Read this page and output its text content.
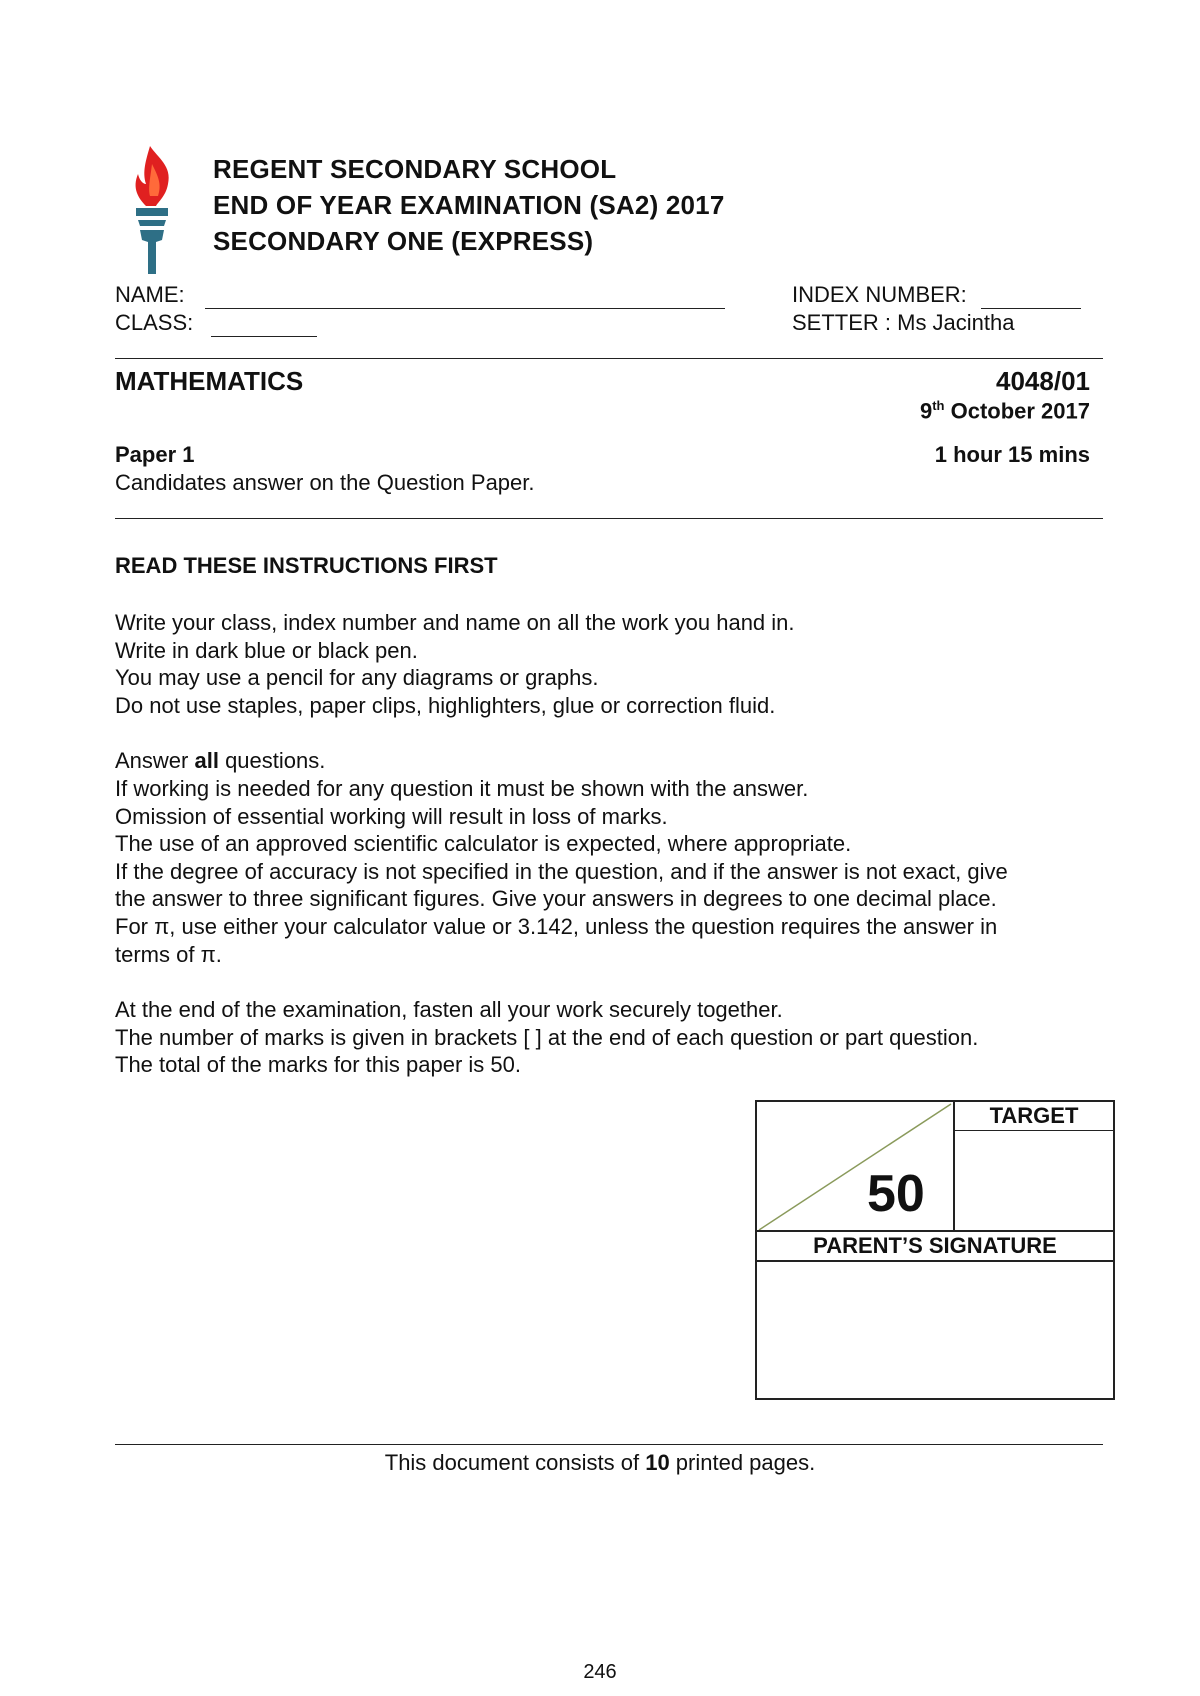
REGENT SECONDARY SCHOOL
END OF YEAR EXAMINATION (SA2) 2017
SECONDARY ONE (EXPRESS)
NAME:
CLASS:
INDEX NUMBER:
SETTER : Ms Jacintha
MATHEMATICS	4048/01
9th October 2017
Paper 1	1 hour 15 mins
Candidates answer on the Question Paper.
READ THESE INSTRUCTIONS FIRST

Write your class, index number and name on all the work you hand in.

Write in dark blue or black pen.

You may use a pencil for any diagrams or graphs.

Do not use staples, paper clips, highlighters, glue or correction fluid.

Answer all questions.

If working is needed for any question it must be shown with the answer.

Omission of essential working will result in loss of marks.

The use of an approved scientific calculator is expected, where appropriate.

If the degree of accuracy is not specified in the question, and if the answer is not exact, give

the answer to three significant figures. Give your answers in degrees to one decimal place.

For π, use either your calculator value or 3.142, unless the question requires the answer in

terms of π.

At the end of the examination, fasten all your work securely together.

The number of marks is given in brackets [ ] at the end of each question or part question.

The total of the marks for this paper is 50.

50
TARGET
PARENT’S SIGNATURE
This document consists of 10 printed pages.
246
